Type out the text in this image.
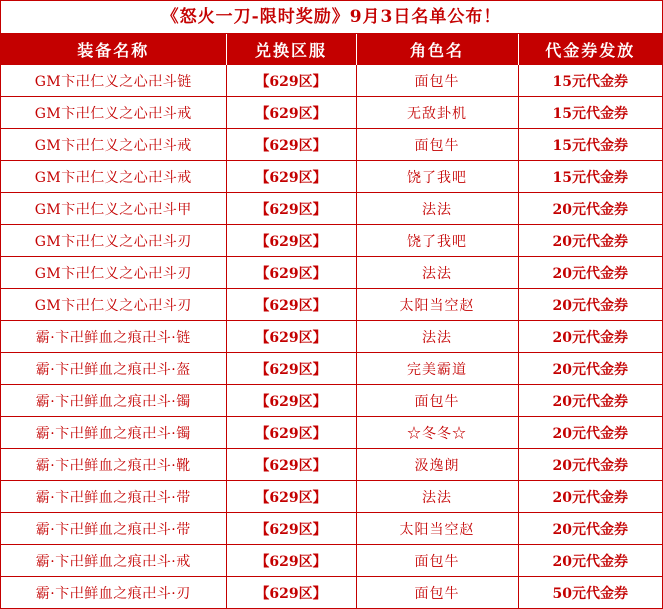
《怒火一刀-限时奖励》9月3日名单公布！
装备名称	兑换区服	角色名	代金券发放
GM卞卍仁义之心卍斗链	【629区】	面包牛	15元代金券
GM卞卍仁义之心卍斗戒	【629区】	无敌卦机	15元代金券
GM卞卍仁义之心卍斗戒	【629区】	面包牛	15元代金券
GM卞卍仁义之心卍斗戒	【629区】	饶了我吧	15元代金券
GM卞卍仁义之心卍斗甲	【629区】	法法	20元代金券
GM卞卍仁义之心卍斗刃	【629区】	饶了我吧	20元代金券
GM卞卍仁义之心卍斗刃	【629区】	法法	20元代金券
GM卞卍仁义之心卍斗刃	【629区】	太阳当空赵	20元代金券
霸·卞卍鲜血之痕卍斗·链	【629区】	法法	20元代金券
霸·卞卍鲜血之痕卍斗·盔	【629区】	完美霸道	20元代金券
霸·卞卍鲜血之痕卍斗·镯	【629区】	面包牛	20元代金券
霸·卞卍鲜血之痕卍斗·镯	【629区】	☆冬冬☆	20元代金券
霸·卞卍鲜血之痕卍斗·靴	【629区】	汲逸朗	20元代金券
霸·卞卍鲜血之痕卍斗·带	【629区】	法法	20元代金券
霸·卞卍鲜血之痕卍斗·带	【629区】	太阳当空赵	20元代金券
霸·卞卍鲜血之痕卍斗·戒	【629区】	面包牛	20元代金券
霸·卞卍鲜血之痕卍斗·刃	【629区】	面包牛	50元代金券
